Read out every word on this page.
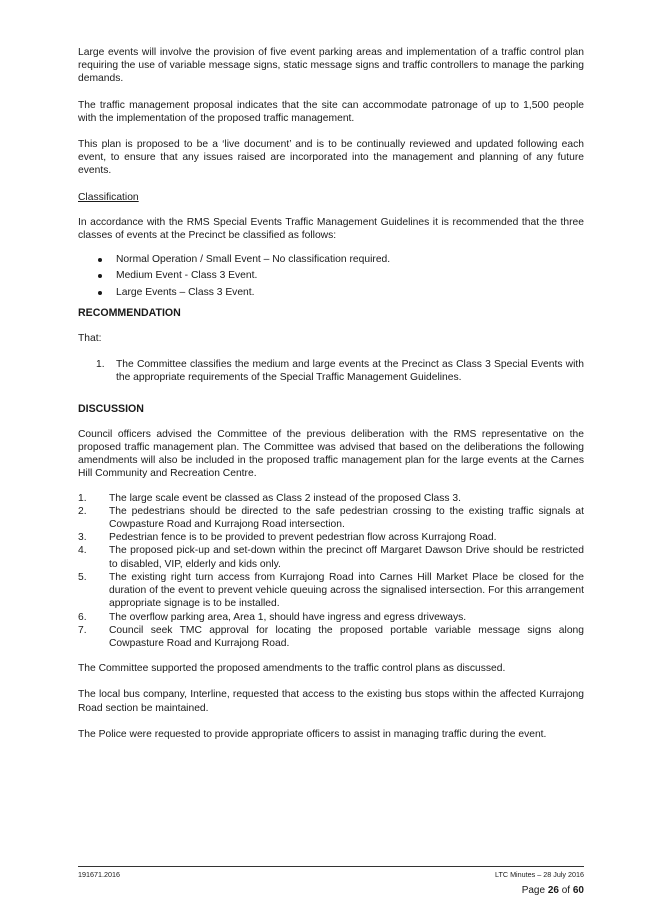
Large events will involve the provision of five event parking areas and implementation of a traffic control plan requiring the use of variable message signs, static message signs and traffic controllers to manage the parking demands.

The traffic management proposal indicates that the site can accommodate patronage of up to 1,500 people with the implementation of the proposed traffic management.

This plan is proposed to be a ‘live document’ and is to be continually reviewed and updated following each event, to ensure that any issues raised are incorporated into the management and planning of any future events.

Classification

In accordance with the RMS Special Events Traffic Management Guidelines it is recommended that the three classes of events at the Precinct be classified as follows:

Normal Operation / Small Event – No classification required.
Medium Event - Class 3 Event.
Large Events – Class 3 Event.
RECOMMENDATION

That:

1. The Committee classifies the medium and large events at the Precinct as Class 3 Special Events with the appropriate requirements of the Special Traffic Management Guidelines.
DISCUSSION

Council officers advised the Committee of the previous deliberation with the RMS representative on the proposed traffic management plan. The Committee was advised that based on the deliberations the following amendments will also be included in the proposed traffic management plan for the large events at the Carnes Hill Community and Recreation Centre.

1. The large scale event be classed as Class 2 instead of the proposed Class 3.
2. The pedestrians should be directed to the safe pedestrian crossing to the existing traffic signals at Cowpasture Road and Kurrajong Road intersection.
3. Pedestrian fence is to be provided to prevent pedestrian flow across Kurrajong Road.
4. The proposed pick-up and set-down within the precinct off Margaret Dawson Drive should be restricted to disabled, VIP, elderly and kids only.
5. The existing right turn access from Kurrajong Road into Carnes Hill Market Place be closed for the duration of the event to prevent vehicle queuing across the signalised intersection. For this arrangement appropriate signage is to be installed.
6. The overflow parking area, Area 1, should have ingress and egress driveways.
7. Council seek TMC approval for locating the proposed portable variable message signs along Cowpasture Road and Kurrajong Road.

The Committee supported the proposed amendments to the traffic control plans as discussed.

The local bus company, Interline, requested that access to the existing bus stops within the affected Kurrajong Road section be maintained.

The Police were requested to provide appropriate officers to assist in managing traffic during the event.

191671.2016	LTC Minutes – 28 July 2016
Page 26 of 60
